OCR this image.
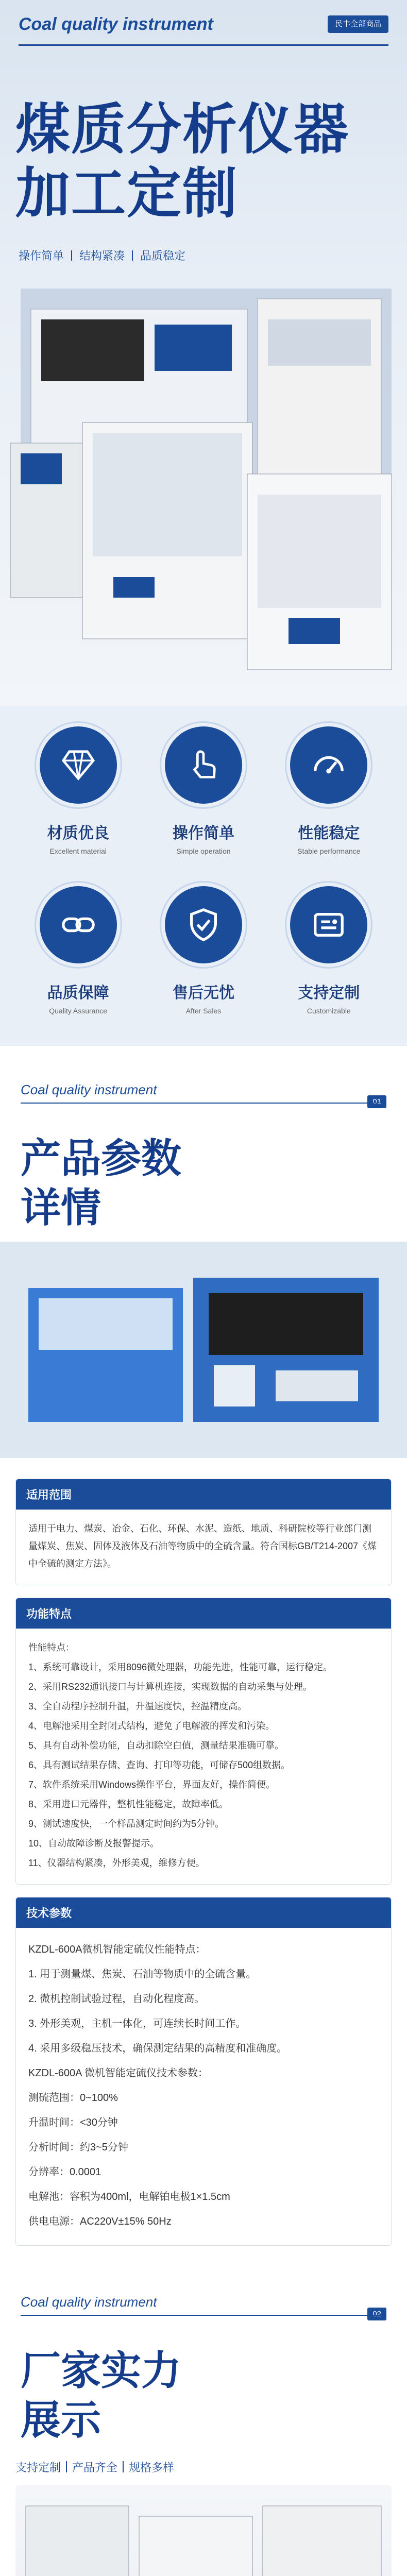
Coal quality instrument	民丰全部商品
煤质分析仪器
加工定制
操作简单 结构紧凑 品质稳定
材质优良
Excellent material
操作简单
Simple operation
性能稳定
Stable performance
品质保障
Quality Assurance
售后无忧
After Sales
支持定制
Customizable
Coal quality instrument
01
产品参数
详情
适用范围

适用于电力、煤炭、冶金、石化、环保、水泥、造纸、地质、科研院校等行业部门测量煤炭、焦炭、固体及液体及石油等物质中的全硫含量。符合国标GB/T214-2007《煤中全硫的测定方法》。

功能特点

性能特点：

1、系统可靠设计，采用8096微处理器，功能先进，性能可靠，运行稳定。

2、采用RS232通讯接口与计算机连接，实现数据的自动采集与处理。

3、全自动程序控制升温，升温速度快，控温精度高。

4、电解池采用全封闭式结构，避免了电解液的挥发和污染。

5、具有自动补偿功能，自动扣除空白值，测量结果准确可靠。

6、具有测试结果存储、查询、打印等功能，可储存500组数据。

7、软件系统采用Windows操作平台，界面友好，操作简便。

8、采用进口元器件，整机性能稳定，故障率低。

9、测试速度快，一个样品测定时间约为5分钟。

10、自动故障诊断及报警提示。

11、仪器结构紧凑，外形美观，维修方便。

技术参数

KZDL-600A微机智能定硫仪性能特点：

1. 用于测量煤、焦炭、石油等物质中的全硫含量。

2. 微机控制试验过程，自动化程度高。

3. 外形美观，主机一体化，可连续长时间工作。

4. 采用多级稳压技术，确保测定结果的高精度和准确度。

KZDL-600A 微机智能定硫仪技术参数：

测硫范围：0~100%

升温时间：<30分钟

分析时间：约3~5分钟

分辨率：0.0001

电解池：容积为400ml，电解铂电极1×1.5cm

供电电源：AC220V±15% 50Hz

Coal quality instrument
02
厂家实力
展示
支持定制 产品齐全 规格多样
